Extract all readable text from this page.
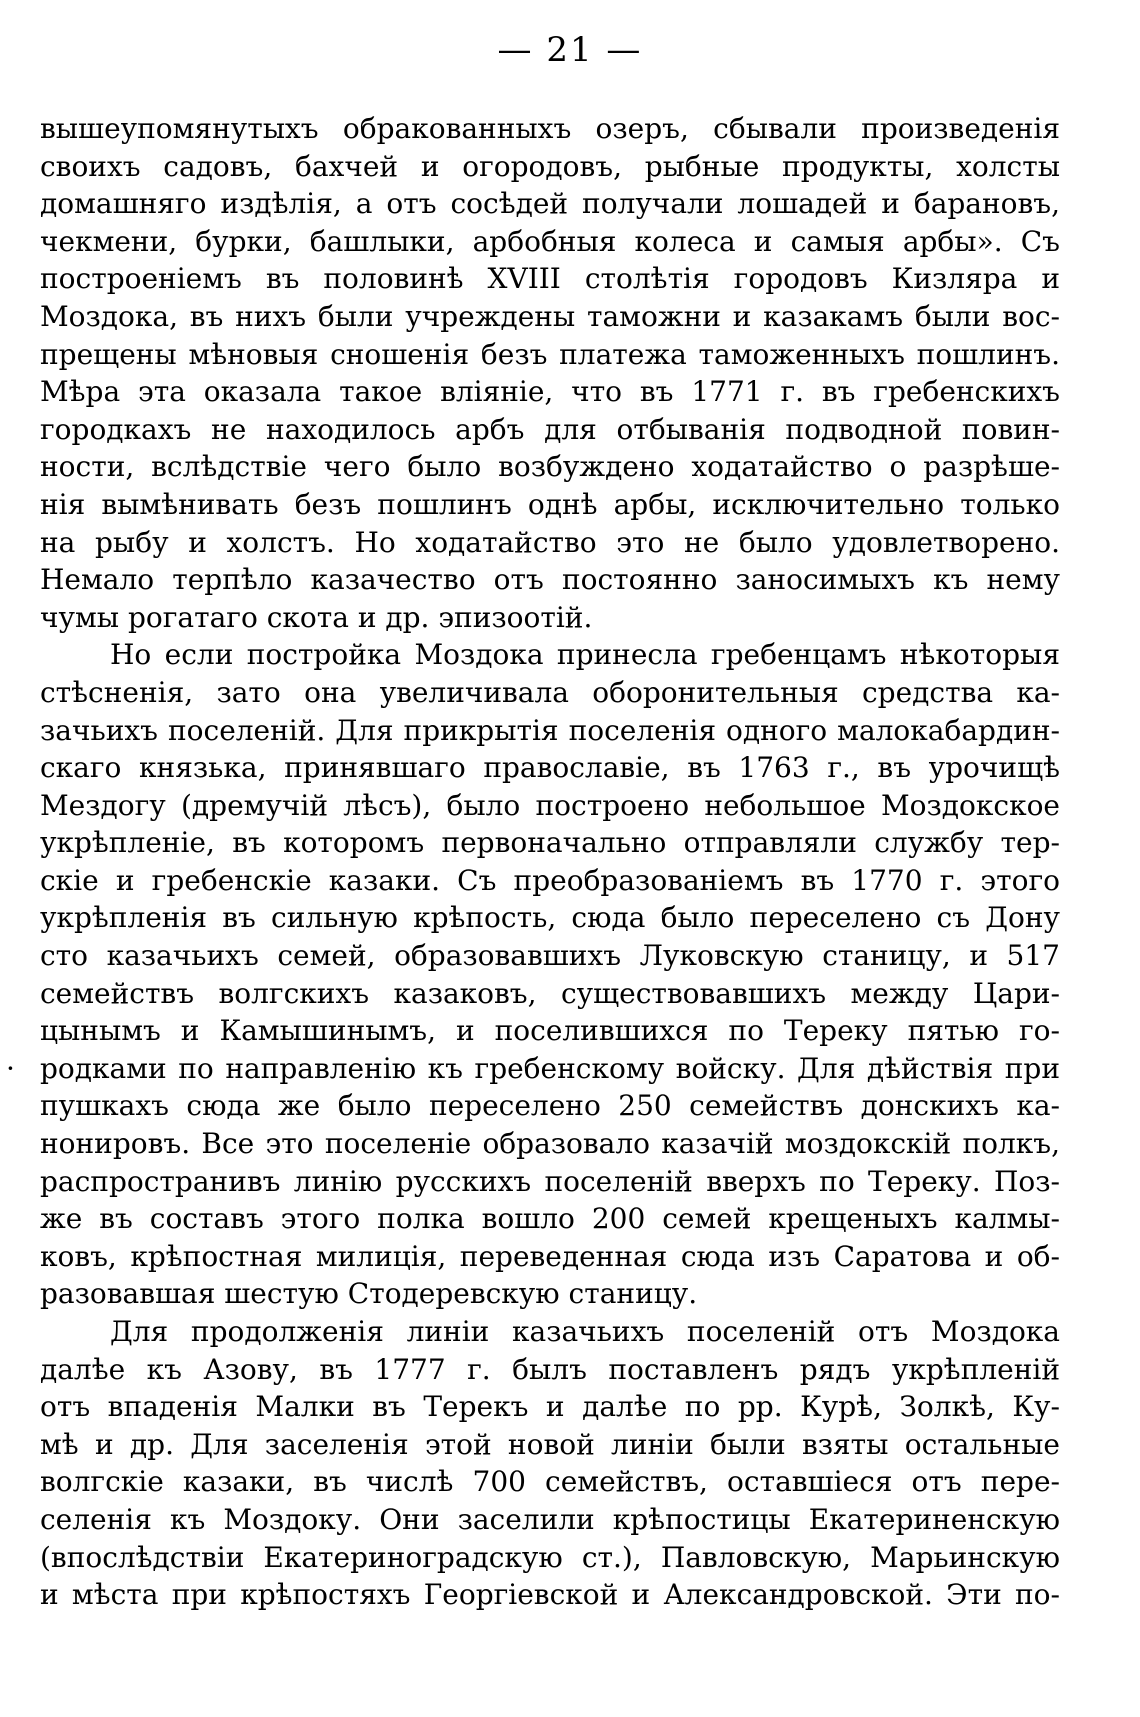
— 21 —
·
вышеупомянутыхъ обракованныхъ озеръ, сбывали произведенія
своихъ садовъ, бахчей и огородовъ, рыбные продукты, холсты
домашняго издѣлія, а отъ сосѣдей получали лошадей и барановъ,
чекмени, бурки, башлыки, арбобныя колеса и самыя арбы». Съ
построеніемъ въ половинѣ XVIII столѣтія городовъ Кизляра и
Моздока, въ нихъ были учреждены таможни и казакамъ были вос-
прещены мѣновыя сношенія безъ платежа таможенныхъ пошлинъ.
Мѣра эта оказала такое вліяніе, что въ 1771 г. въ гребенскихъ
городкахъ не находилось арбъ для отбыванія подводной повин-
ности, вслѣдствіе чего было возбуждено ходатайство о разрѣше-
нія вымѣнивать безъ пошлинъ однѣ арбы, исключительно только
на рыбу и холстъ. Но ходатайство это не было удовлетворено.
Немало терпѣло казачество отъ постоянно заносимыхъ къ нему
чумы рогатаго скота и др. эпизоотій.
Но если постройка Моздока принесла гребенцамъ нѣкоторыя
стѣсненія, зато она увеличивала оборонительныя средства ка-
зачьихъ поселеній. Для прикрытія поселенія одного малокабардин-
скаго князька, принявшаго православіе, въ 1763 г., въ урочищѣ
Мездогу (дремучій лѣсъ), было построено небольшое Моздокское
укрѣпленіе, въ которомъ первоначально отправляли службу тер-
скіе и гребенскіе казаки. Съ преобразованіемъ въ 1770 г. этого
укрѣпленія въ сильную крѣпость, сюда было переселено съ Дону
сто казачьихъ семей, образовавшихъ Луковскую станицу, и 517
семействъ волгскихъ казаковъ, существовавшихъ между Цари-
цынымъ и Камышинымъ, и поселившихся по Тереку пятью го-
родками по направленію къ гребенскому войску. Для дѣйствія при
пушкахъ сюда же было переселено 250 семействъ донскихъ ка-
нонировъ. Все это поселеніе образовало казачій моздокскій полкъ,
распространивъ линію русскихъ поселеній вверхъ по Тереку. Поз-
же въ составъ этого полка вошло 200 семей крещеныхъ калмы-
ковъ, крѣпостная милиція, переведенная сюда изъ Саратова и об-
разовавшая шестую Стодеревскую станицу.
Для продолженія линіи казачьихъ поселеній отъ Моздока
далѣе къ Азову, въ 1777 г. былъ поставленъ рядъ укрѣпленій
отъ впаденія Малки въ Терекъ и далѣе по рр. Курѣ, Золкѣ, Ку-
мѣ и др. Для заселенія этой новой линіи были взяты остальные
волгскіе казаки, въ числѣ 700 семействъ, оставшіеся отъ пере-
селенія къ Моздоку. Они заселили крѣпостицы Екатериненскую
(впослѣдствіи Екатериноградскую ст.), Павловскую, Марьинскую
и мѣста при крѣпостяхъ Георгіевской и Александровской. Эти по-
